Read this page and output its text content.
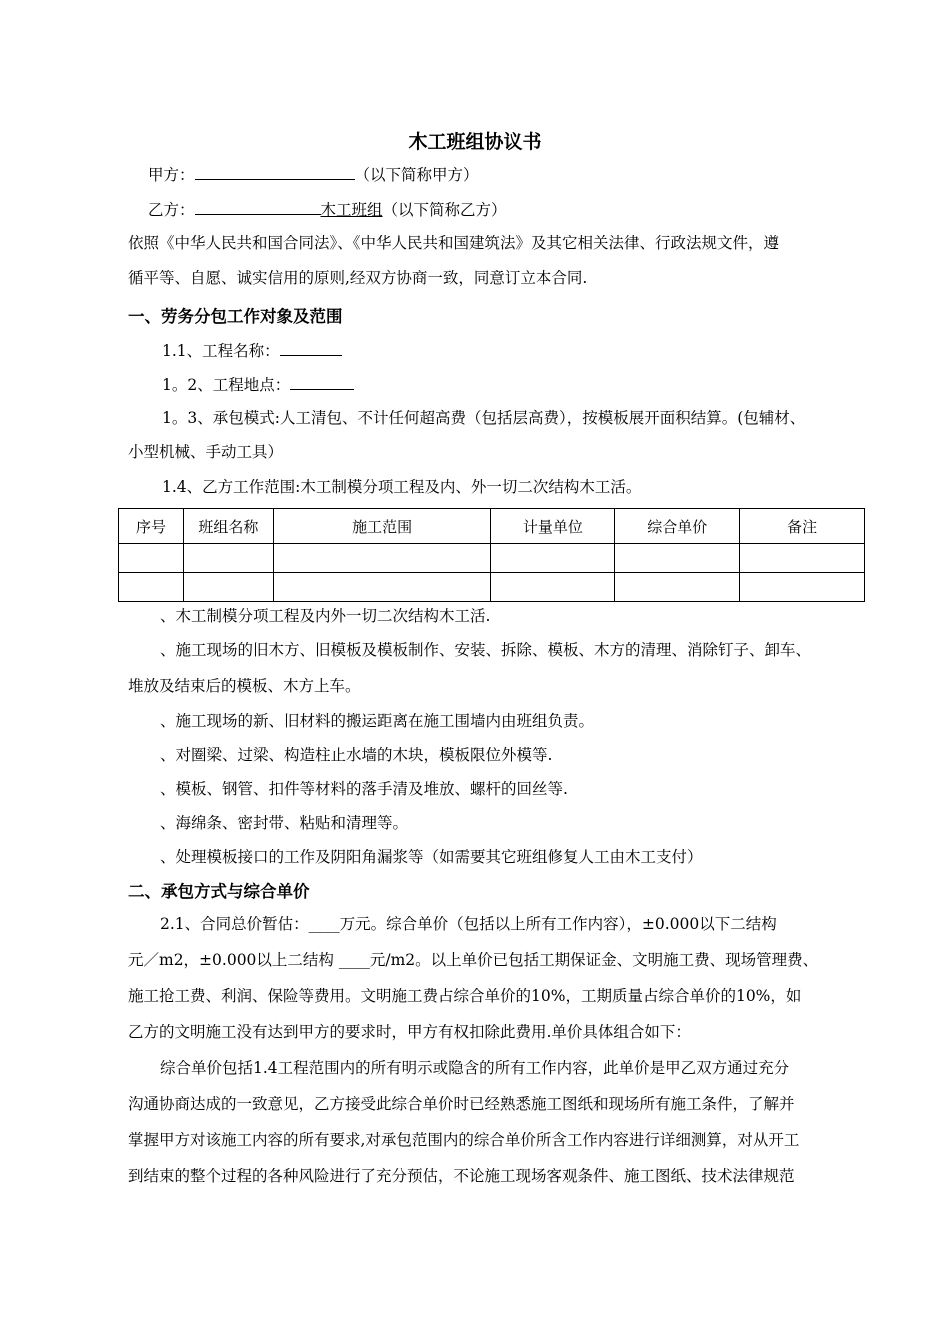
木工班组协议书
甲方：	（以下简称甲方）
乙方：	木工班组（以下简称乙方）
依照《中华人民共和国合同法》、《中华人民共和国建筑法》及其它相关法律、行政法规文件，遵
循平等、自愿、诚实信用的原则,经双方协商一致，同意订立本合同.
一、劳务分包工作对象及范围
1.1、工程名称：
1。2、工程地点：
1。3、承包模式:人工清包、不计任何超高费（包括层高费），按模板展开面积结算。(包辅材、
小型机械、手动工具）
1.4、乙方工作范围:木工制模分项工程及内、外一切二次结构木工活。
序号	班组名称	施工范围	计量单位	综合单价	备注

、木工制模分项工程及内外一切二次结构木工活.
、施工现场的旧木方、旧模板及模板制作、安装、拆除、模板、木方的清理、消除钉子、卸车、
堆放及结束后的模板、木方上车。
、施工现场的新、旧材料的搬运距离在施工围墙内由班组负责。
、对圈梁、过梁、构造柱止水墙的木块，模板限位外模等.
、模板、钢管、扣件等材料的落手清及堆放、螺杆的回丝等.
、海绵条、密封带、粘贴和清理等。
、处理模板接口的工作及阴阳角漏浆等（如需要其它班组修复人工由木工支付）
二、承包方式与综合单价
2.1、合同总价暂估：____万元。综合单价（包括以上所有工作内容），±0.000以下二结构
元／m2，±0.000以上二结构 ____元/m2。以上单价已包括工期保证金、文明施工费、现场管理费、
施工抢工费、利润、保险等费用。文明施工费占综合单价的10%，工期质量占综合单价的10%，如
乙方的文明施工没有达到甲方的要求时，甲方有权扣除此费用.单价具体组合如下：
综合单价包括1.4工程范围内的所有明示或隐含的所有工作内容，此单价是甲乙双方通过充分
沟通协商达成的一致意见，乙方接受此综合单价时已经熟悉施工图纸和现场所有施工条件，了解并
掌握甲方对该施工内容的所有要求,对承包范围内的综合单价所含工作内容进行详细测算，对从开工
到结束的整个过程的各种风险进行了充分预估，不论施工现场客观条件、施工图纸、技术法律规范
